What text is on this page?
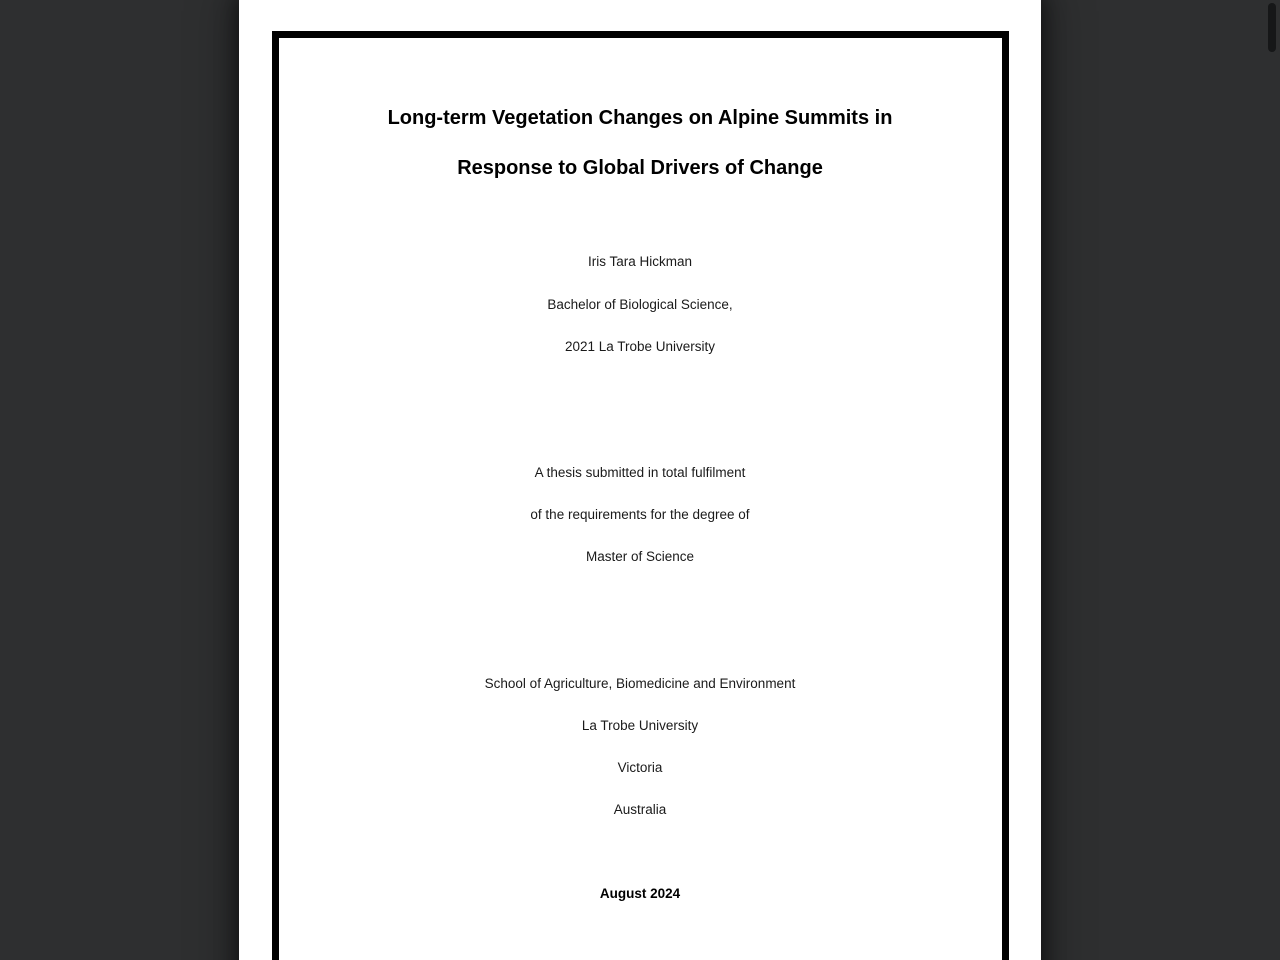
Long-term Vegetation Changes on Alpine Summits in
Response to Global Drivers of Change
Iris Tara Hickman
Bachelor of Biological Science,
2021 La Trobe University
A thesis submitted in total fulfilment
of the requirements for the degree of
Master of Science
School of Agriculture, Biomedicine and Environment
La Trobe University
Victoria
Australia
August 2024
